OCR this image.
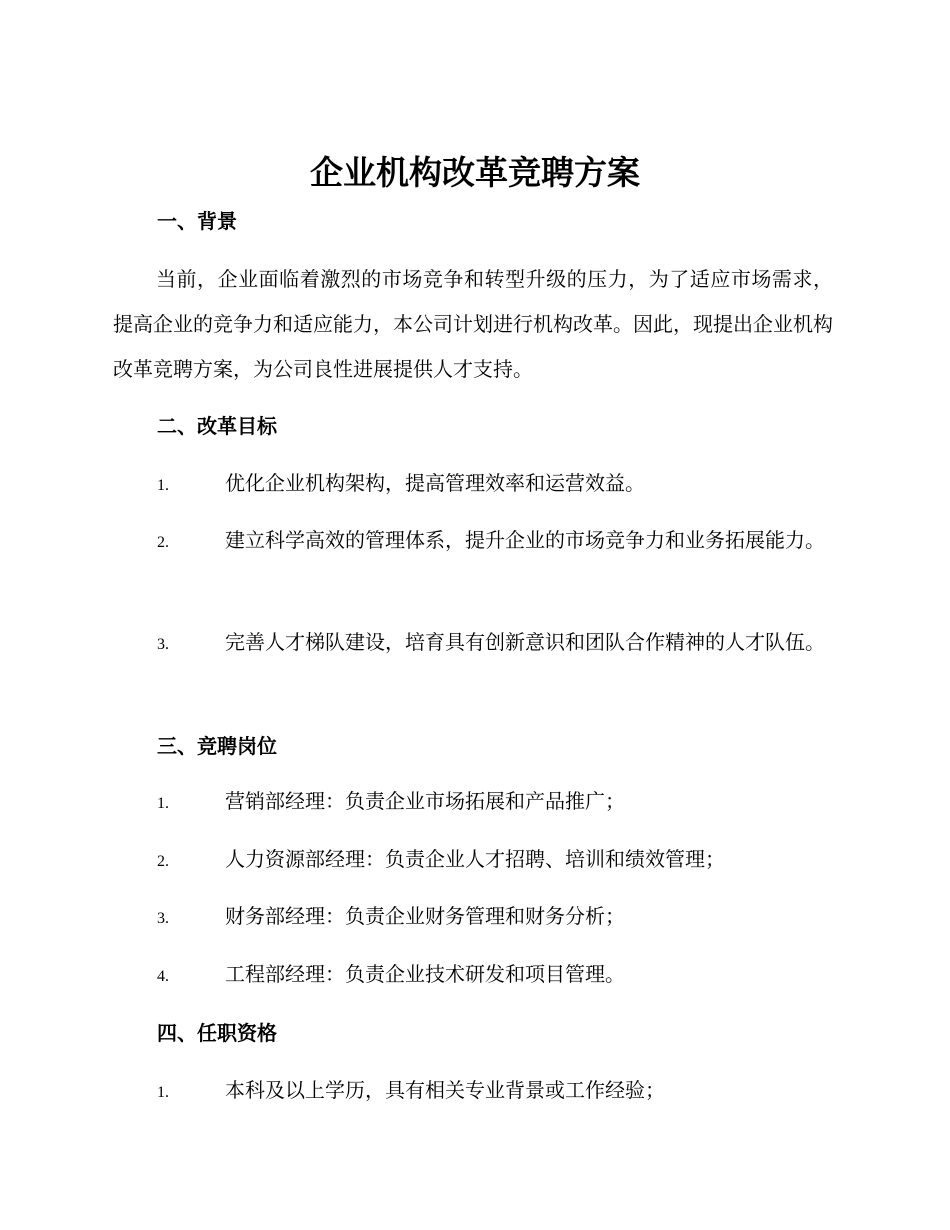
企业机构改革竞聘方案
一、背景
当前，企业面临着激烈的市场竞争和转型升级的压力，为了适应市场需求，提高企业的竞争力和适应能力，本公司计划进行机构改革。因此，现提出企业机构改革竞聘方案，为公司良性进展提供人才支持。
二、改革目标
1.	优化企业机构架构，提高管理效率和运营效益。
2.	建立科学高效的管理体系，提升企业的市场竞争力和业务拓展能力。
3.	完善人才梯队建设，培育具有创新意识和团队合作精神的人才队伍。
三、竞聘岗位
1.	营销部经理：负责企业市场拓展和产品推广；
2.	人力资源部经理：负责企业人才招聘、培训和绩效管理；
3.	财务部经理：负责企业财务管理和财务分析；
4.	工程部经理：负责企业技术研发和项目管理。
四、任职资格
1.	本科及以上学历，具有相关专业背景或工作经验；
